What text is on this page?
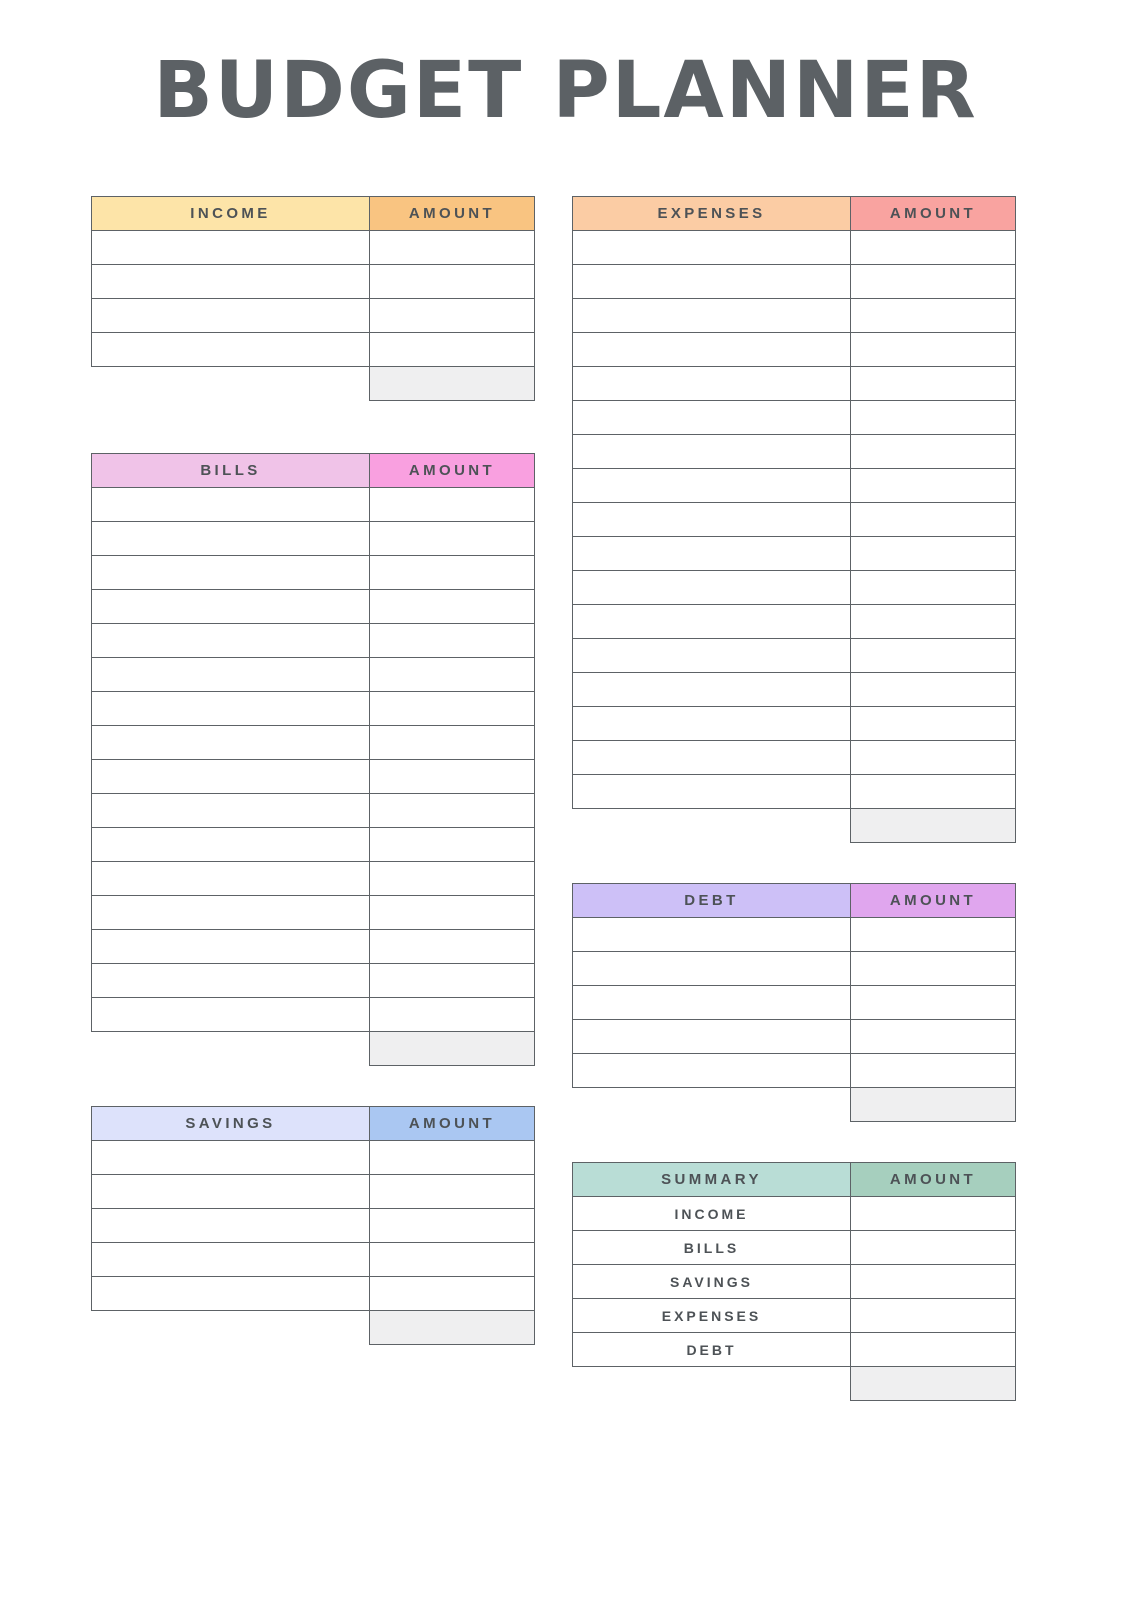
BUDGET PLANNER
INCOME	AMOUNT

BILLS	AMOUNT

SAVINGS	AMOUNT

EXPENSES	AMOUNT

DEBT	AMOUNT

SUMMARY	AMOUNT
INCOME	
BILLS	
SAVINGS	
EXPENSES	
DEBT	
